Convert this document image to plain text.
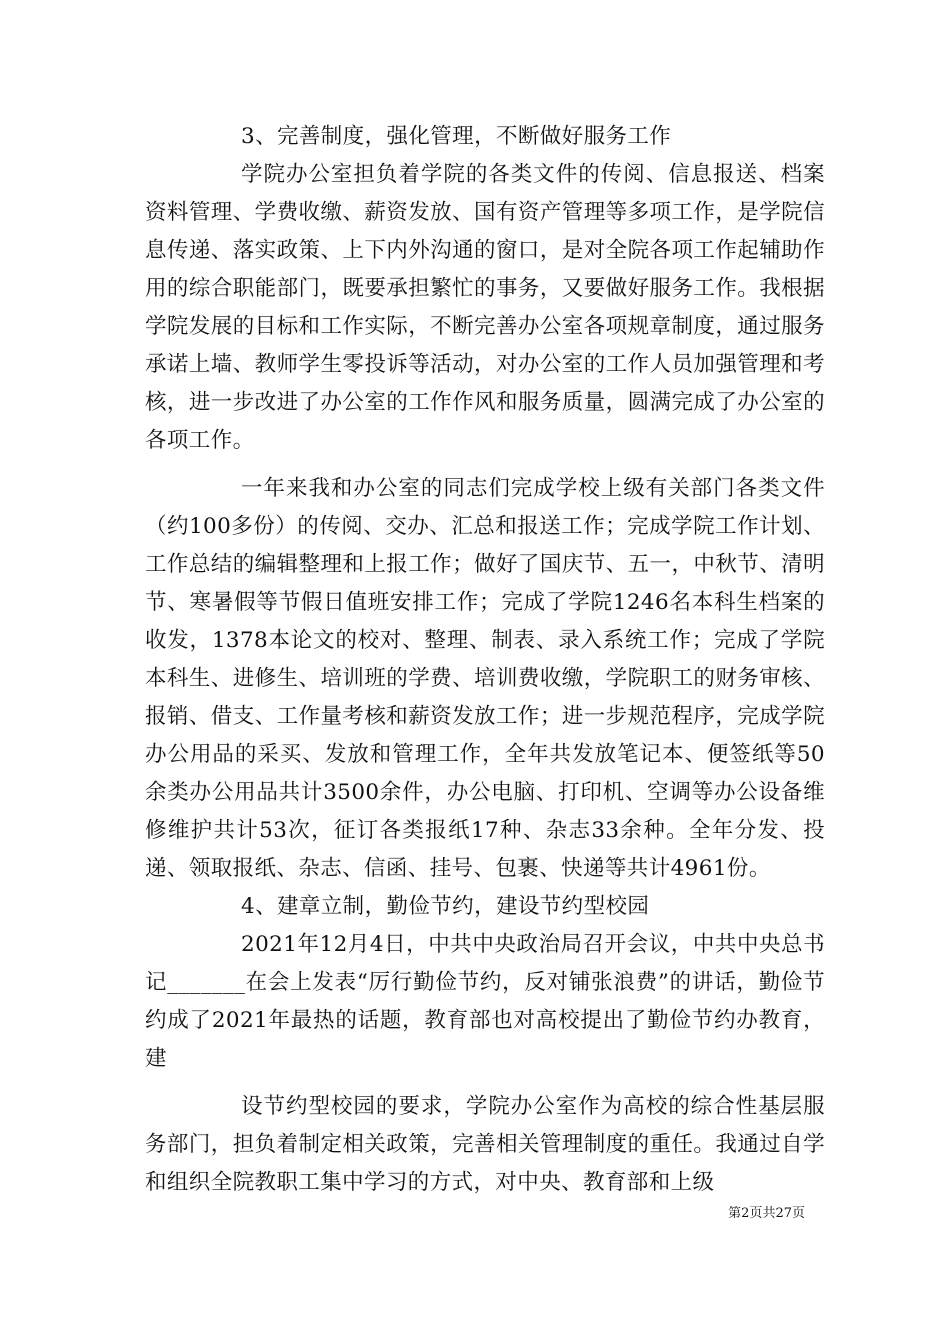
3、完善制度，强化管理，不断做好服务工作

学院办公室担负着学院的各类文件的传阅、信息报送、档案资料管理、学费收缴、薪资发放、国有资产管理等多项工作，是学院信息传递、落实政策、上下内外沟通的窗口，是对全院各项工作起辅助作用的综合职能部门，既要承担繁忙的事务，又要做好服务工作。我根据学院发展的目标和工作实际，不断完善办公室各项规章制度，通过服务承诺上墙、教师学生零投诉等活动，对办公室的工作人员加强管理和考核，进一步改进了办公室的工作作风和服务质量，圆满完成了办公室的各项工作。

一年来我和办公室的同志们完成学校上级有关部门各类文件（约100多份）的传阅、交办、汇总和报送工作；完成学院工作计划、工作总结的编辑整理和上报工作；做好了国庆节、五一，中秋节、清明节、寒暑假等节假日值班安排工作；完成了学院1246名本科生档案的收发，1378本论文的校对、整理、制表、录入系统工作；完成了学院本科生、进修生、培训班的学费、培训费收缴，学院职工的财务审核、报销、借支、工作量考核和薪资发放工作；进一步规范程序，完成学院办公用品的采买、发放和管理工作，全年共发放笔记本、便签纸等50余类办公用品共计3500余件，办公电脑、打印机、空调等办公设备维修维护共计53次，征订各类报纸17种、杂志33余种。全年分发、投递、领取报纸、杂志、信函、挂号、包裹、快递等共计4961份。

4、建章立制，勤俭节约，建设节约型校园

2021年12月4日，中共中央政治局召开会议，中共中央总书记_______在会上发表“厉行勤俭节约，反对铺张浪费”的讲话，勤俭节约成了2021年最热的话题，教育部也对高校提出了勤俭节约办教育，建

设节约型校园的要求，学院办公室作为高校的综合性基层服务部门，担负着制定相关政策，完善相关管理制度的重任。我通过自学和组织全院教职工集中学习的方式，对中央、教育部和上级

第2页共27页
